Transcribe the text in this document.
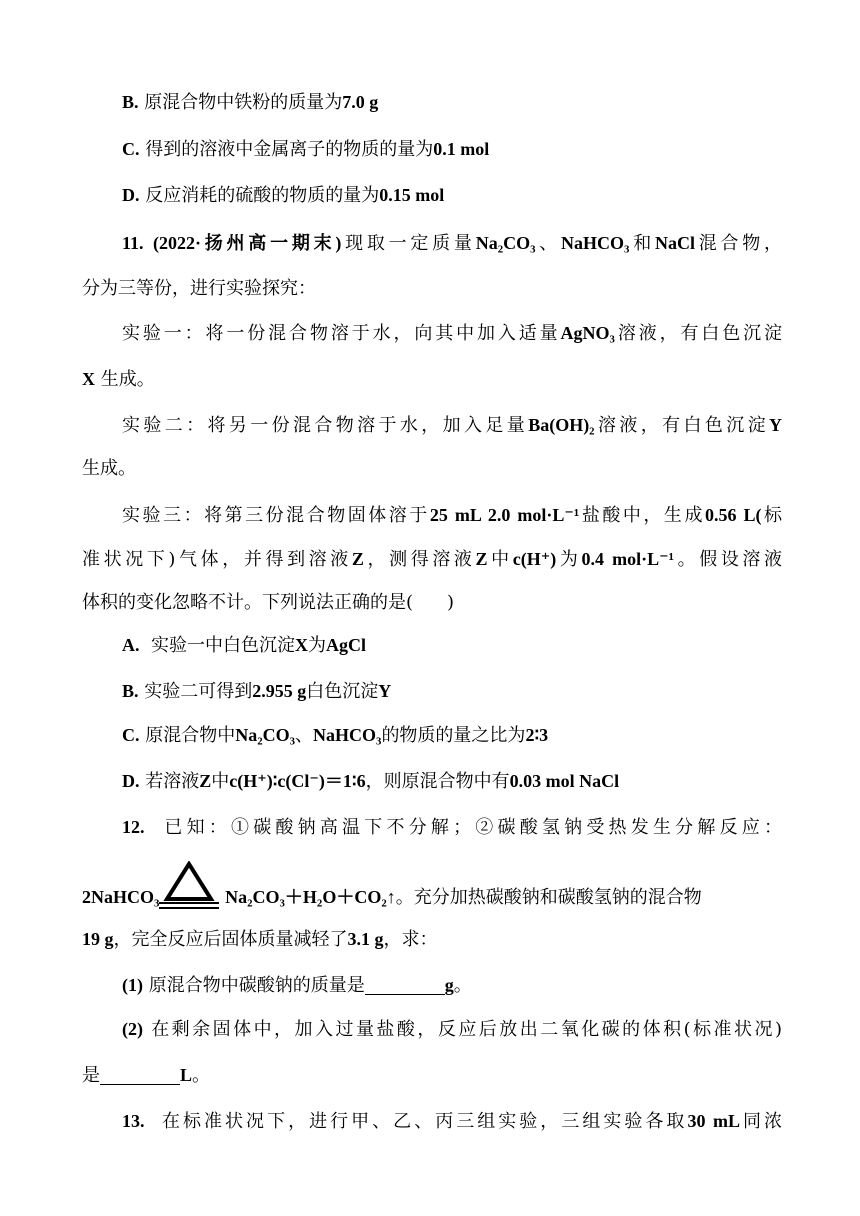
B. 原混合物中铁粉的质量为7.0 g
C. 得到的溶液中金属离子的物质的量为0.1 mol
D. 反应消耗的硫酸的物质的量为0.15 mol
11. (2022·扬州高一期末)现取一定质量Na₂CO₃、NaHCO₃和NaCl混合物，
分为三等份，进行实验探究：
实验一：将一份混合物溶于水，向其中加入适量AgNO₃溶液，有白色沉淀
X 生成。
实验二：将另一份混合物溶于水，加入足量Ba(OH)₂溶液，有白色沉淀Y
生成。
实验三：将第三份混合物固体溶于25 mL 2.0 mol·L⁻¹盐酸中，生成0.56 L(标
准状况下)气体，并得到溶液Z，测得溶液Z中c(H⁺)为0.4 mol·L⁻¹。假设溶液
体积的变化忽略不计。下列说法正确的是( )
A. 实验一中白色沉淀X为AgCl
B. 实验二可得到2.955 g白色沉淀Y
C. 原混合物中Na₂CO₃、NaHCO₃的物质的量之比为2∶3
D. 若溶液Z中c(H⁺)∶c(Cl⁻)＝1∶6，则原混合物中有0.03 mol NaCl
12. 已知：①碳酸钠高温下不分解；②碳酸氢钠受热发生分解反应：
2NaHCO₃	Na₂CO₃＋H₂O＋CO₂↑。充分加热碳酸钠和碳酸氢钠的混合物
19 g，完全反应后固体质量减轻了3.1 g，求：
(1) 原混合物中碳酸钠的质量是	g。
(2) 在剩余固体中，加入过量盐酸，反应后放出二氧化碳的体积(标准状况)
是	L。
13. 在标准状况下，进行甲、乙、丙三组实验，三组实验各取30 mL同浓
